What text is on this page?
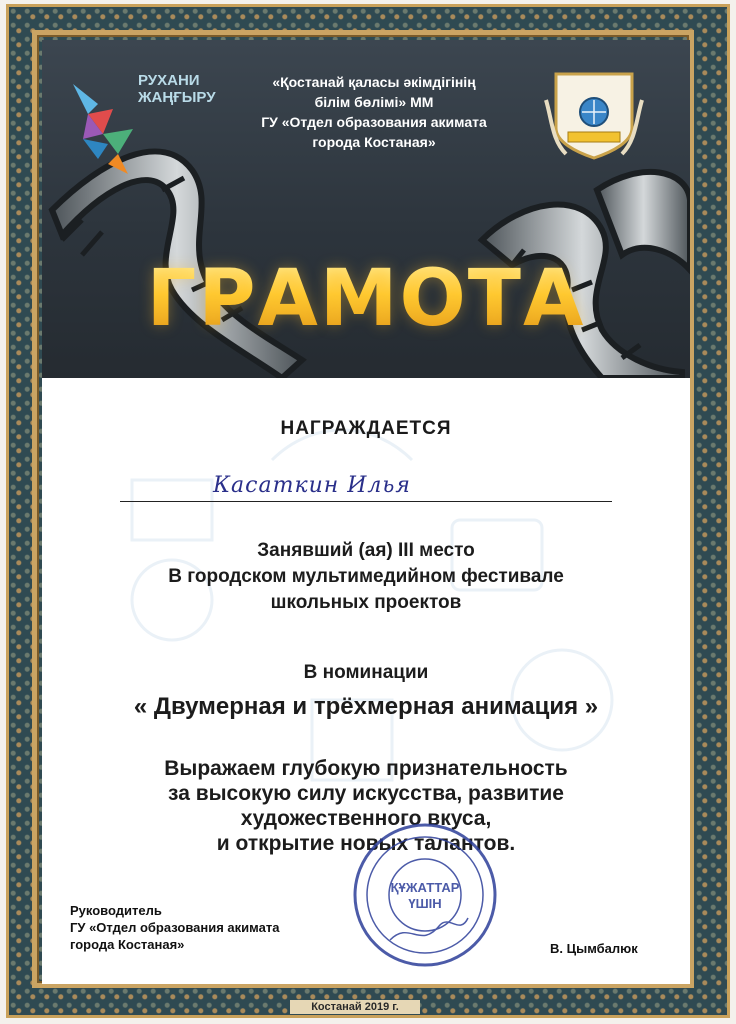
РУХАНИ
ЖАҢҒЫРУ
«Қостанай қаласы әкімдігінің
білім бөлімі» ММ
ГУ «Отдел образования акимата
города Костаная»
ГРАМОТА
НАГРАЖДАЕТСЯ
Касаткин Илья
Занявший (ая) III место
В городском мультимедийном фестивале
школьных проектов
В номинации
« Двумерная и трёхмерная анимация »
Выражаем глубокую признательность
за высокую силу искусства, развитие
художественного вкуса,
и открытие новых талантов.
ҚҰЖАТТАР
ҮШІН
Руководитель
ГУ «Отдел образования акимата
города Костаная»	В. Цымбалюк
Костанай 2019 г.
